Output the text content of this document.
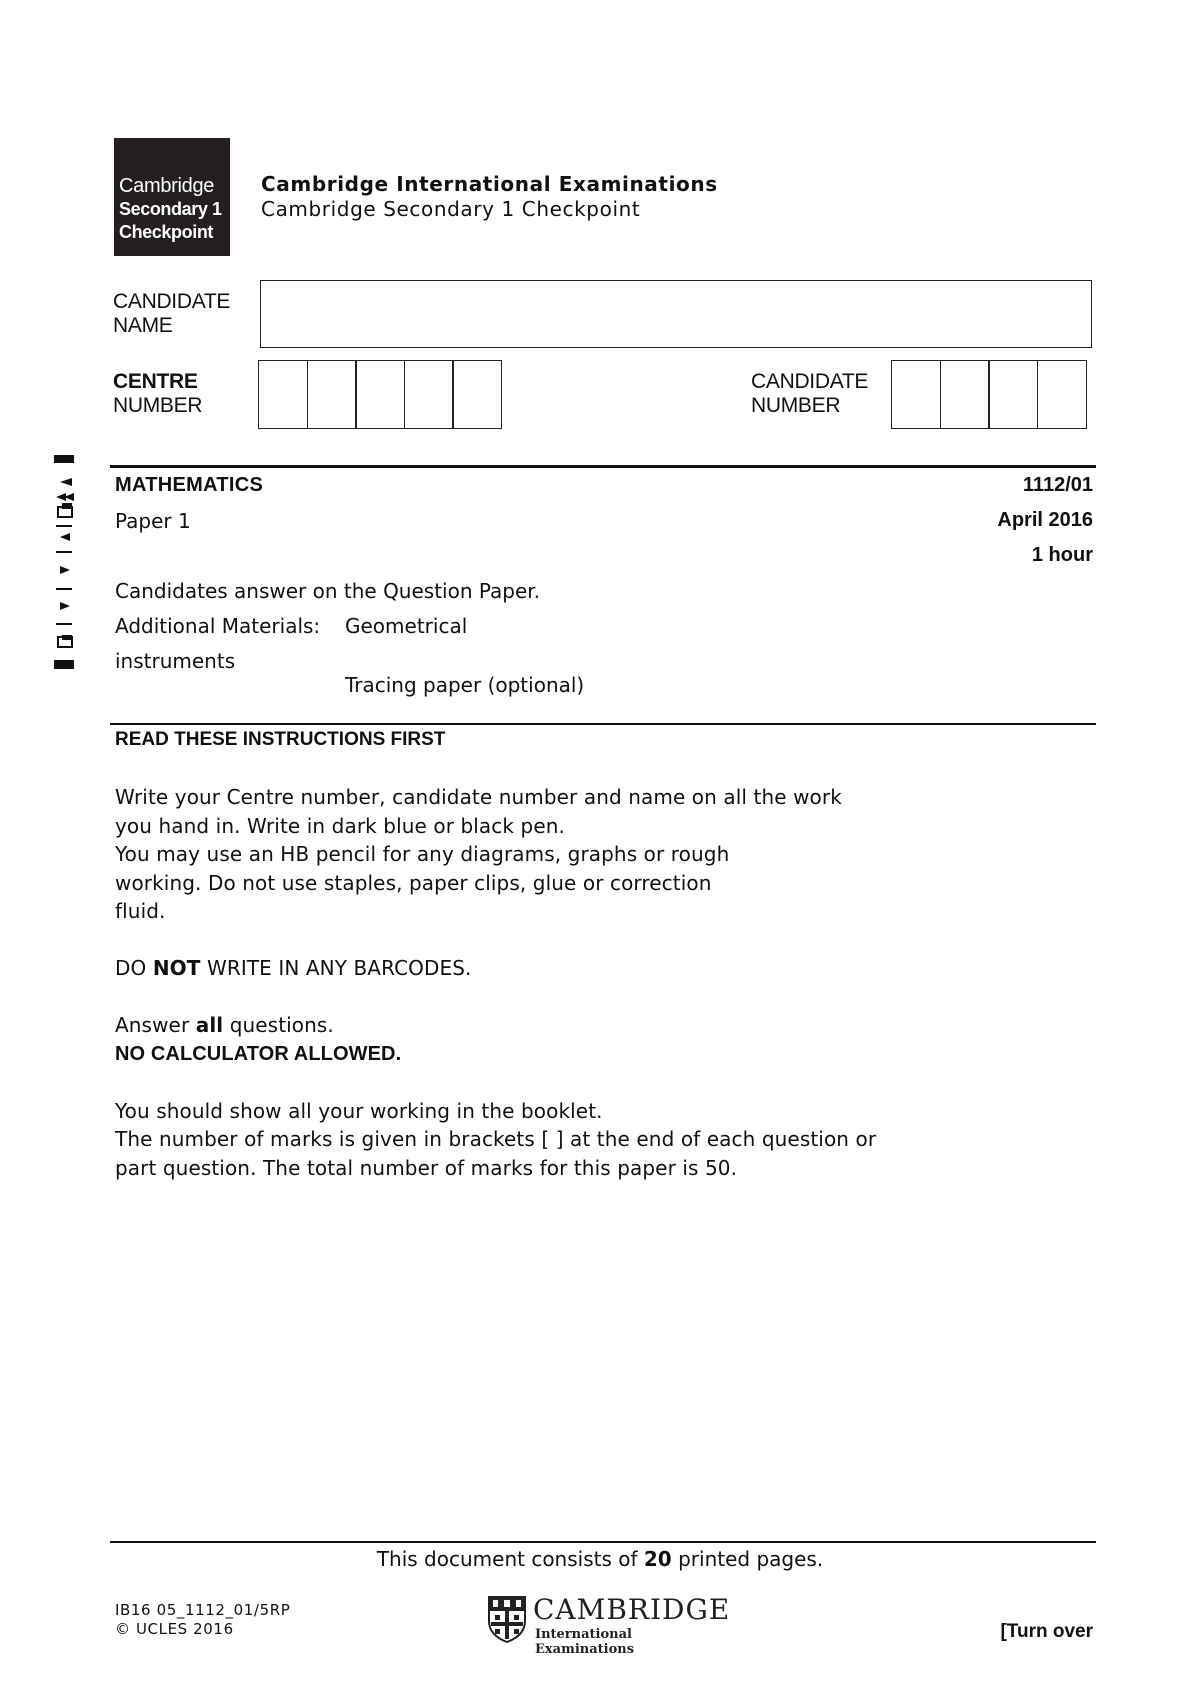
Cambridge
Secondary 1
Checkpoint
Cambridge International Examinations
Cambridge Secondary 1 Checkpoint
CANDIDATE
NAME
CENTRE
NUMBER
CANDIDATE
NUMBER
MATHEMATICS	1112/01
Paper 1	April 2016
1 hour
Candidates answer on the Question Paper.
Additional Materials: Geometrical
instruments
Tracing paper (optional)
READ THESE INSTRUCTIONS FIRST

Write your Centre number, candidate number and name on all the work

you hand in. Write in dark blue or black pen.

You may use an HB pencil for any diagrams, graphs or rough

working. Do not use staples, paper clips, glue or correction

fluid.

DO NOT WRITE IN ANY BARCODES.

Answer all questions.

NO CALCULATOR ALLOWED.

You should show all your working in the booklet.

The number of marks is given in brackets [ ] at the end of each question or

part question. The total number of marks for this paper is 50.

This document consists of 20 printed pages.
IB16 05_1112_01/5RP
© UCLES 2016
CAMBRIDGE
International Examinations
[Turn over
